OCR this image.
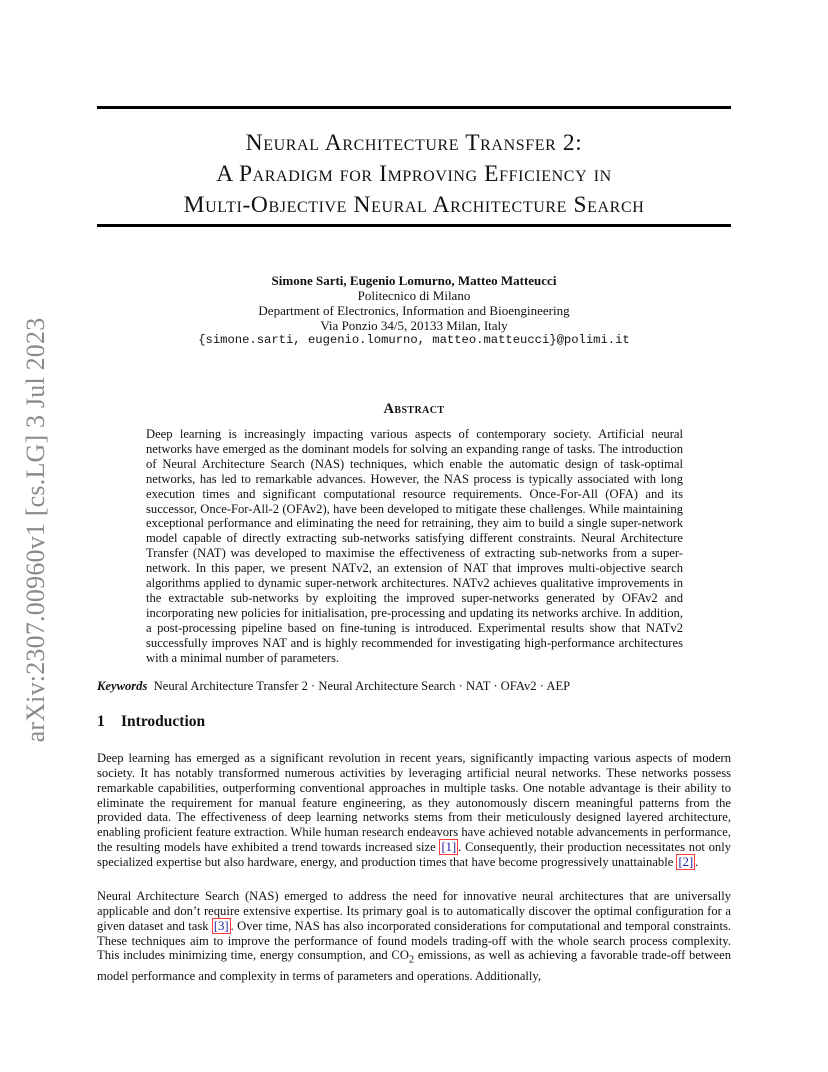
arXiv:2307.00960v1 [cs.LG] 3 Jul 2023
Neural Architecture Transfer 2:
A Paradigm for Improving Efficiency in
Multi-Objective Neural Architecture Search
Simone Sarti, Eugenio Lomurno, Matteo Matteucci
Politecnico di Milano
Department of Electronics, Information and Bioengineering
Via Ponzio 34/5, 20133 Milan, Italy
{simone.sarti, eugenio.lomurno, matteo.matteucci}@polimi.it
Abstract
Deep learning is increasingly impacting various aspects of contemporary society. Artificial neural networks have emerged as the dominant models for solving an expanding range of tasks. The introduction of Neural Architecture Search (NAS) techniques, which enable the automatic design of task-optimal networks, has led to remarkable advances. However, the NAS process is typically associated with long execution times and significant computational resource requirements. Once-For-All (OFA) and its successor, Once-For-All-2 (OFAv2), have been developed to mitigate these challenges. While maintaining exceptional performance and eliminating the need for retraining, they aim to build a single super-network model capable of directly extracting sub-networks satisfying different constraints. Neural Architecture Transfer (NAT) was developed to maximise the effectiveness of extracting sub-networks from a super-network. In this paper, we present NATv2, an extension of NAT that improves multi-objective search algorithms applied to dynamic super-network architectures. NATv2 achieves qualitative improvements in the extractable sub-networks by exploiting the improved super-networks generated by OFAv2 and incorporating new policies for initialisation, pre-processing and updating its networks archive. In addition, a post-processing pipeline based on fine-tuning is introduced. Experimental results show that NATv2 successfully improves NAT and is highly recommended for investigating high-performance architectures with a minimal number of parameters.
Keywords Neural Architecture Transfer 2 · Neural Architecture Search · NAT · OFAv2 · AEP
1 Introduction
Deep learning has emerged as a significant revolution in recent years, significantly impacting various aspects of modern society. It has notably transformed numerous activities by leveraging artificial neural networks. These networks possess remarkable capabilities, outperforming conventional approaches in multiple tasks. One notable advantage is their ability to eliminate the requirement for manual feature engineering, as they autonomously discern meaningful patterns from the provided data. The effectiveness of deep learning networks stems from their meticulously designed layered architecture, enabling proficient feature extraction. While human research endeavors have achieved notable advancements in performance, the resulting models have exhibited a trend towards increased size [1] . Consequently, their production necessitates not only specialized expertise but also hardware, energy, and production times that have become progressively unattainable [2] .
Neural Architecture Search (NAS) emerged to address the need for innovative neural architectures that are universally applicable and don’t require extensive expertise. Its primary goal is to automatically discover the optimal configuration for a given dataset and task [3] . Over time, NAS has also incorporated considerations for computational and temporal constraints. These techniques aim to improve the performance of found models trading-off with the whole search process complexity. This includes minimizing time, energy consumption, and $CO_2$ emissions, as well as achieving a favorable trade-off between model performance and complexity in terms of parameters and operations. Additionally,
